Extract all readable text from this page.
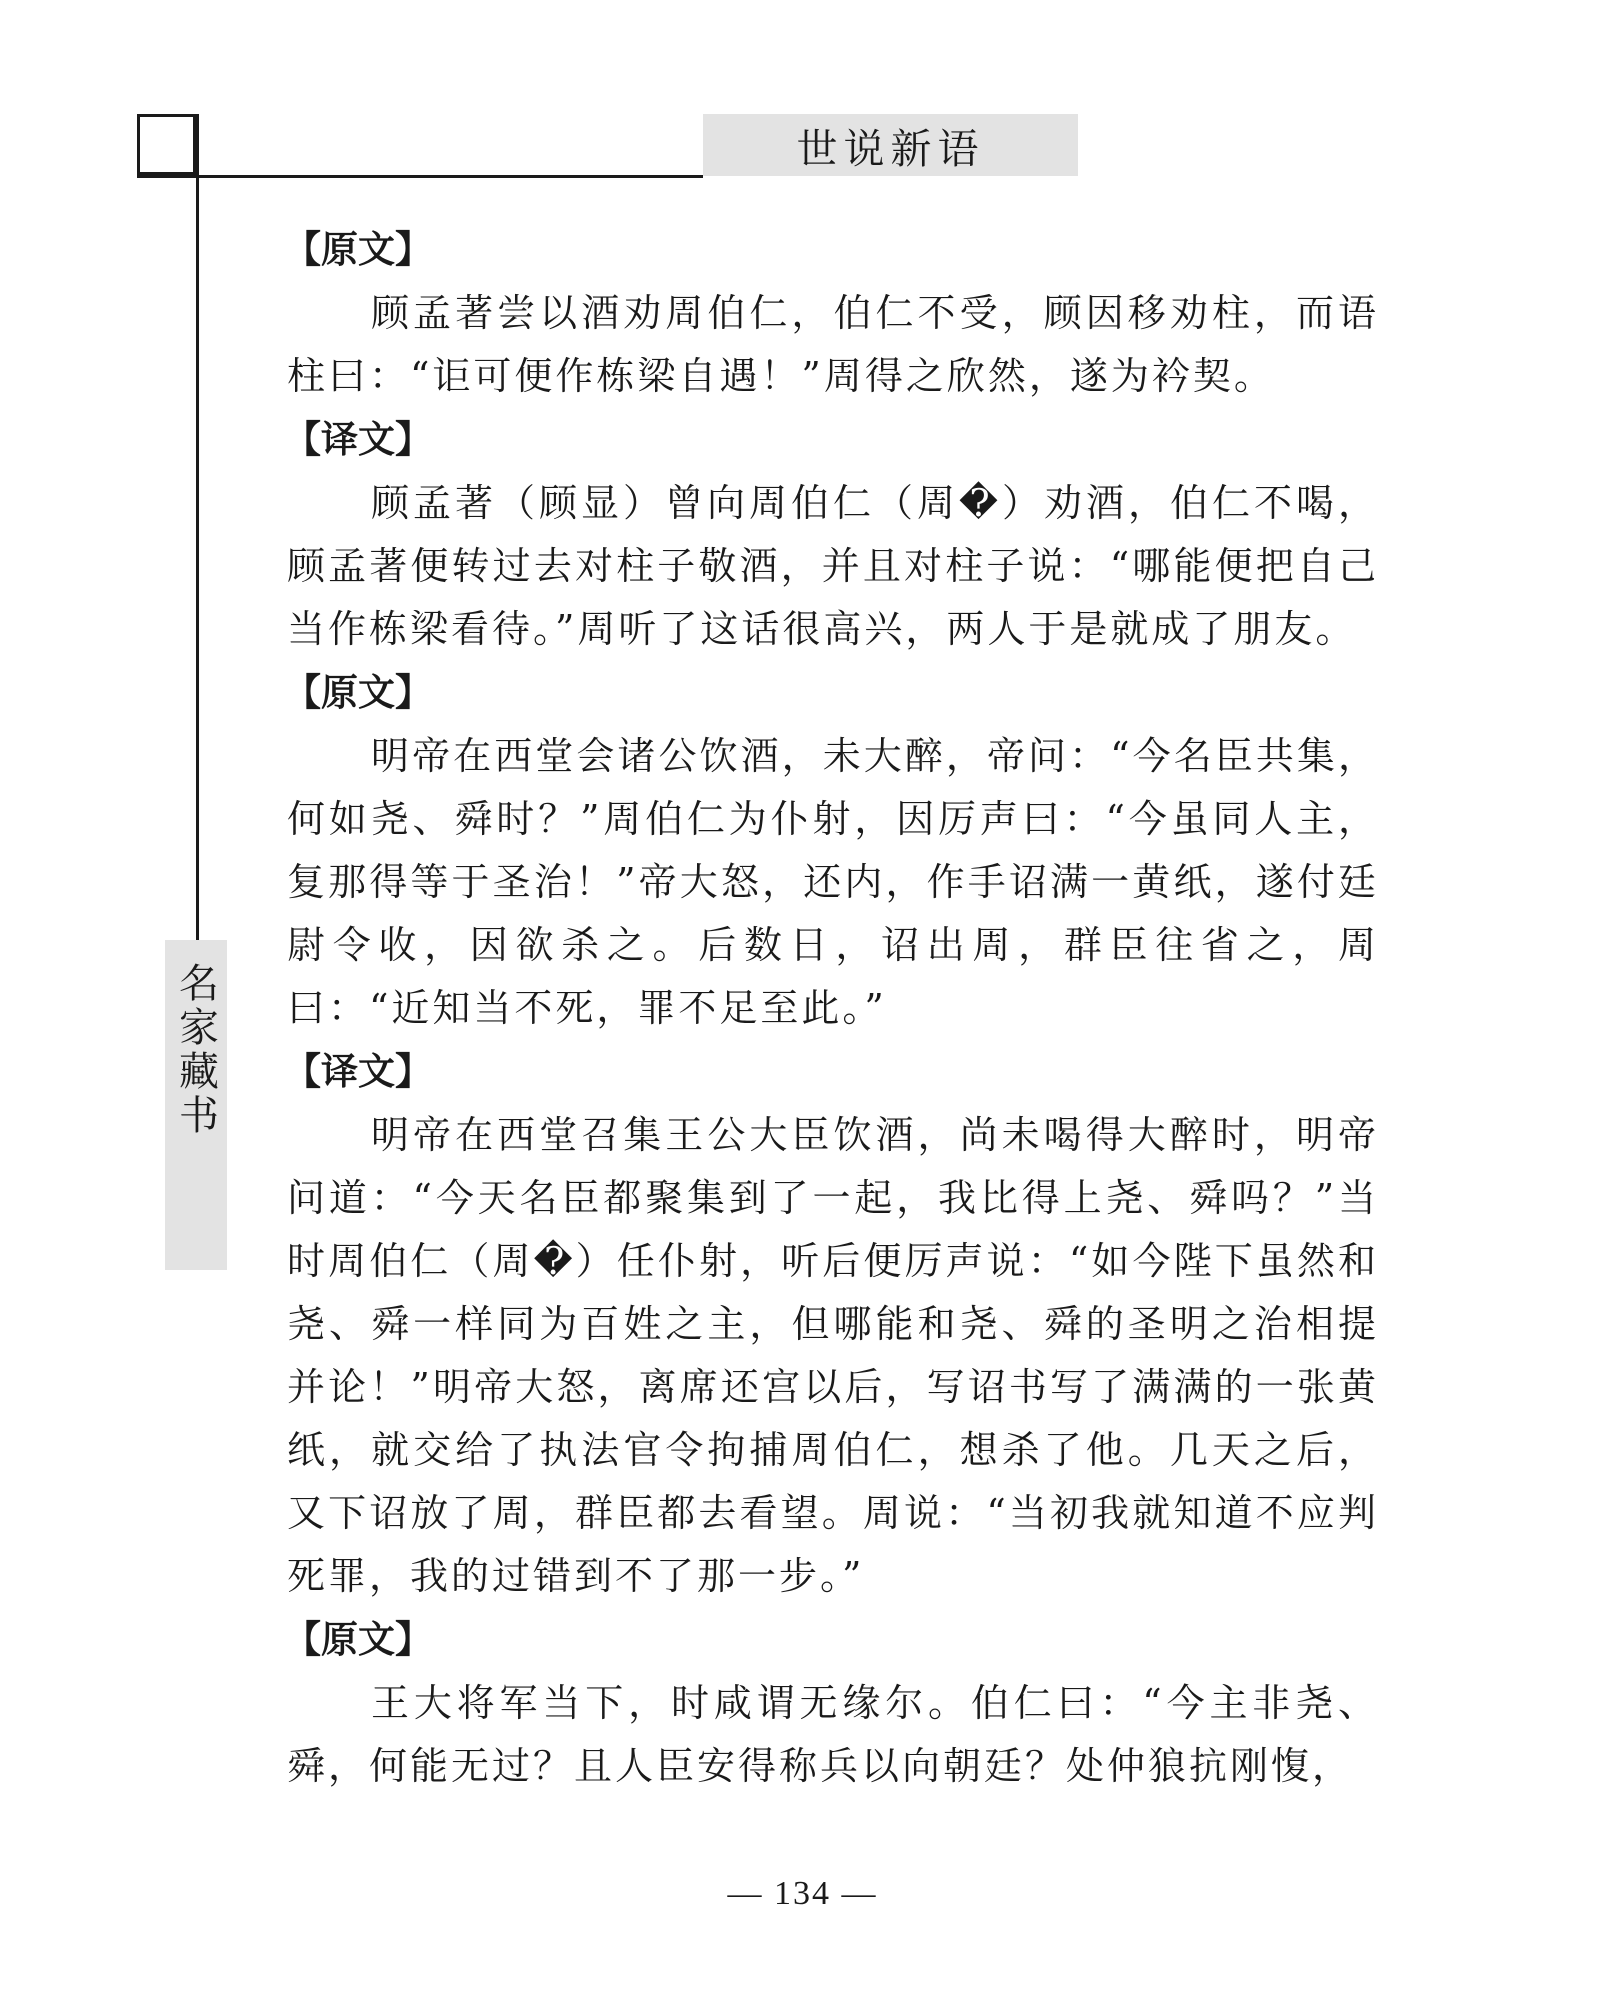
世说新语
名家藏书
【原文】

顾孟著尝以酒劝周伯仁，伯仁不受，顾因移劝柱，而语柱曰：“讵可便作栋梁自遇！”周得之欣然，遂为衿契。

【译文】

顾孟著（顾显）曾向周伯仁（周�）劝酒，伯仁不喝，顾孟著便转过去对柱子敬酒，并且对柱子说：“哪能便把自己当作栋梁看待。”周听了这话很高兴，两人于是就成了朋友。

【原文】

明帝在西堂会诸公饮酒，未大醉，帝问：“今名臣共集，何如尧、舜时？”周伯仁为仆射，因厉声曰：“今虽同人主，复那得等于圣治！”帝大怒，还内，作手诏满一黄纸，遂付廷尉令收，因欲杀之。后数日，诏出周，群臣往省之，周曰：“近知当不死，罪不足至此。”

【译文】

明帝在西堂召集王公大臣饮酒，尚未喝得大醉时，明帝问道：“今天名臣都聚集到了一起，我比得上尧、舜吗？”当时周伯仁（周�）任仆射，听后便厉声说：“如今陛下虽然和尧、舜一样同为百姓之主，但哪能和尧、舜的圣明之治相提并论！”明帝大怒，离席还宫以后，写诏书写了满满的一张黄纸，就交给了执法官令拘捕周伯仁，想杀了他。几天之后，又下诏放了周，群臣都去看望。周说：“当初我就知道不应判死罪，我的过错到不了那一步。”

【原文】

王大将军当下，时咸谓无缘尔。伯仁曰：“今主非尧、舜，何能无过？且人臣安得称兵以向朝廷？处仲狼抗刚愎，

— 134 —
